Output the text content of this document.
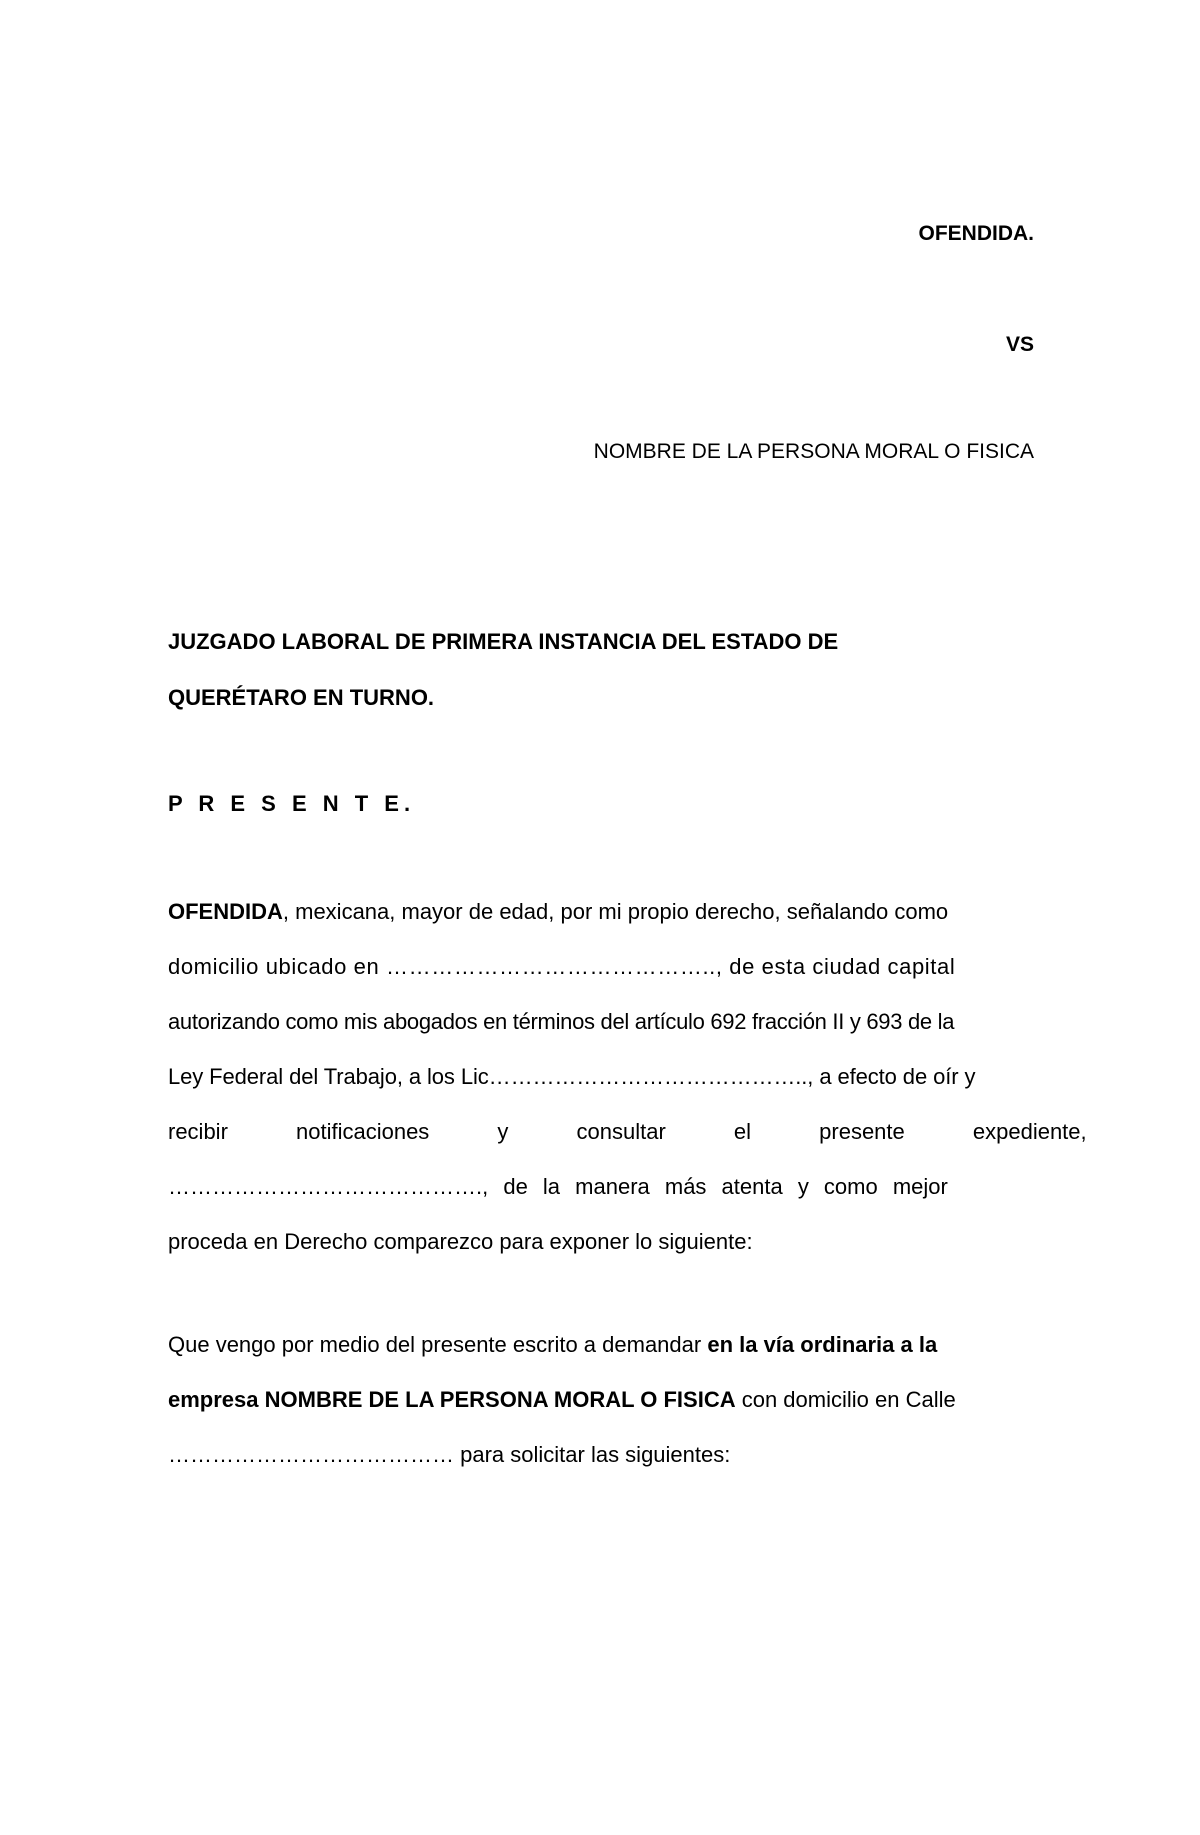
OFENDIDA.
VS
NOMBRE DE LA PERSONA MORAL O FISICA

JUZGADO LABORAL DE PRIMERA INSTANCIA DEL ESTADO DE

QUERÉTARO EN TURNO.

P R E S E N T E.

OFENDIDA, mexicana, mayor de edad, por mi propio derecho, señalando como
domicilio ubicado en …………………………………….., de esta ciudad capital
autorizando como mis abogados en términos del artículo 692 fracción II y 693 de la
Ley Federal del Trabajo, a los Lic…………………………………….., a efecto de oír y
recibir notificaciones y consultar el presente expediente,
……………………………………., de la manera más atenta y como mejor
proceda en Derecho comparezco para exponer lo siguiente:
Que vengo por medio del presente escrito a demandar en la vía ordinaria a la
empresa NOMBRE DE LA PERSONA MORAL O FISICA con domicilio en Calle
………………………………… para solicitar las siguientes:
